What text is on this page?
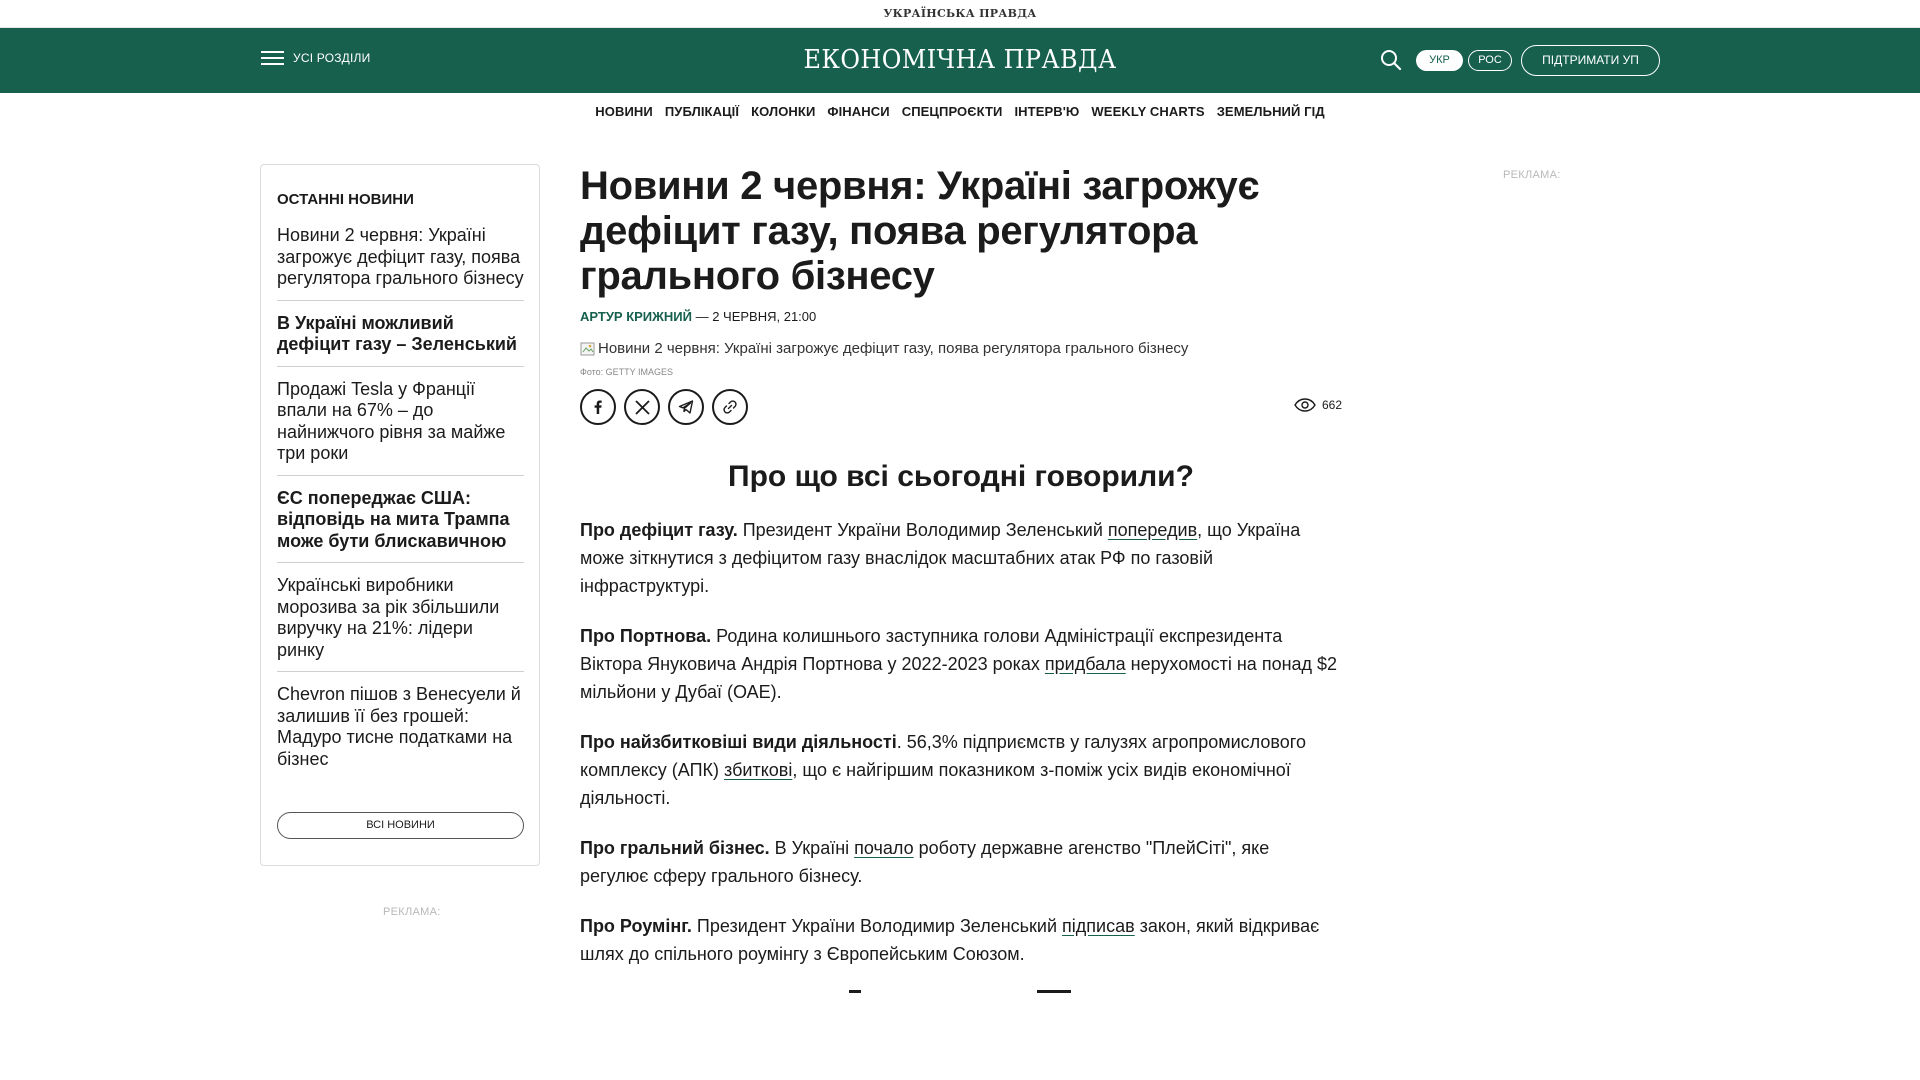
УКРАЇНСЬКА ПРАВДА
УСІ РОЗДІЛИ	ЕКОНОМІЧНА ПРАВДА	УКР	РОС	ПІДТРИМАТИ УП
НОВИНИ ПУБЛІКАЦІЇ КОЛОНКИ ФІНАНСИ СПЕЦПРОЄКТИ ІНТЕРВ'Ю WEEKLY CHARTS ЗЕМЕЛЬНИЙ ГІД
ОСТАННІ НОВИНИ
Новини 2 червня: Україні загрожує дефіцит газу, поява регулятора грального бізнесу
В Україні можливий дефіцит газу – Зеленський
Продажі Tesla у Франції впали на 67% – до найнижчого рівня за майже три роки
ЄС попереджає США: відповідь на мита Трампа може бути блискавичною
Українські виробники морозива за рік збільшили виручку на 21%: лідери ринку
Chevron пішов з Венесуели й залишив її без грошей: Мадуро тисне податками на бізнес
ВСІ НОВИНИ
РЕКЛАМА:
РЕКЛАМА:
Новини 2 червня: Україні загрожує дефіцит газу, поява регулятора грального бізнесу
АРТУР КРИЖНИЙ — 2 ЧЕРВНЯ, 21:00
Новини 2 червня: Україні загрожує дефіцит газу, поява регулятора грального бізнесу
Фото: GETTY IMAGES
662
Про що всі сьогодні говорили?

Про дефіцит газу. Президент України Володимир Зеленський попередив, що Україна може зіткнутися з дефіцитом газу внаслідок масштабних атак РФ по газовій інфраструктурі.

Про Портнова. Родина колишнього заступника голови Адміністрації експрезидента Віктора Януковича Андрія Портнова у 2022-2023 роках придбала нерухомості на понад $2 мільйони у Дубаї (ОАЕ).

Про найзбитковіші види діяльності. 56,3% підприємств у галузях агропромислового комплексу (АПК) збиткові, що є найгіршим показником з-поміж усіх видів економічної діяльності.

Про гральний бізнес. В Україні почало роботу державне агенство "ПлейСіті", яке регулює сферу грального бізнесу.

Про Роумінг. Президент України Володимир Зеленський підписав закон, який відкриває шлях до спільного роумінгу з Європейським Союзом.
